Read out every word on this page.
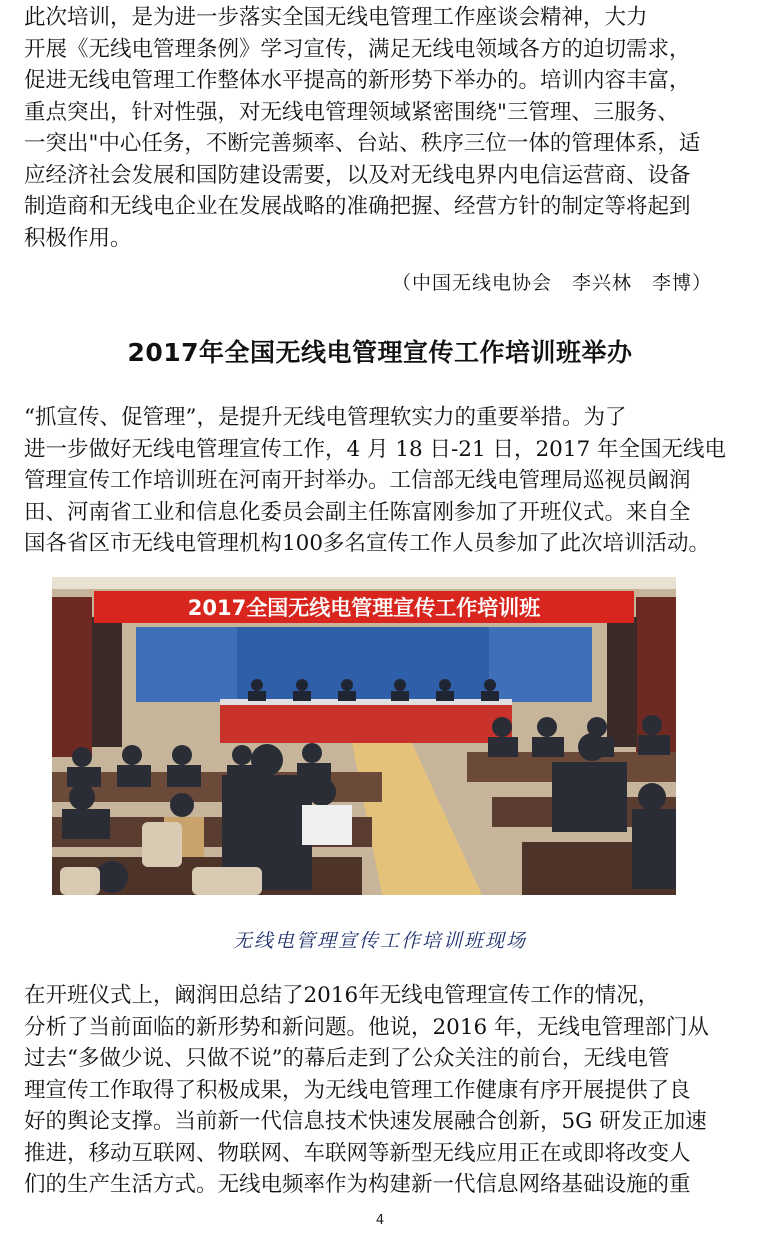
此次培训，是为进一步落实全国无线电管理工作座谈会精神，大力
开展《无线电管理条例》学习宣传，满足无线电领域各方的迫切需求，
促进无线电管理工作整体水平提高的新形势下举办的。培训内容丰富，
重点突出，针对性强，对无线电管理领域紧密围绕"三管理、三服务、
一突出"中心任务，不断完善频率、台站、秩序三位一体的管理体系，适
应经济社会发展和国防建设需要，以及对无线电界内电信运营商、设备
制造商和无线电企业在发展战略的准确把握、经营方针的制定等将起到
积极作用。
（中国无线电协会　李兴林　李博）
2017年全国无线电管理宣传工作培训班举办
“抓宣传、促管理”，是提升无线电管理软实力的重要举措。为了
进一步做好无线电管理宣传工作，4 月 18 日-21 日，2017 年全国无线电
管理宣传工作培训班在河南开封举办。工信部无线电管理局巡视员阚润
田、河南省工业和信息化委员会副主任陈富刚参加了开班仪式。来自全
国各省区市无线电管理机构100多名宣传工作人员参加了此次培训活动。
2017全国无线电管理宣传工作培训班
无线电管理宣传工作培训班现场
在开班仪式上，阚润田总结了2016年无线电管理宣传工作的情况，
分析了当前面临的新形势和新问题。他说，2016 年，无线电管理部门从
过去“多做少说、只做不说”的幕后走到了公众关注的前台，无线电管
理宣传工作取得了积极成果，为无线电管理工作健康有序开展提供了良
好的舆论支撑。当前新一代信息技术快速发展融合创新，5G 研发正加速
推进，移动互联网、物联网、车联网等新型无线应用正在或即将改变人
们的生产生活方式。无线电频率作为构建新一代信息网络基础设施的重
4
